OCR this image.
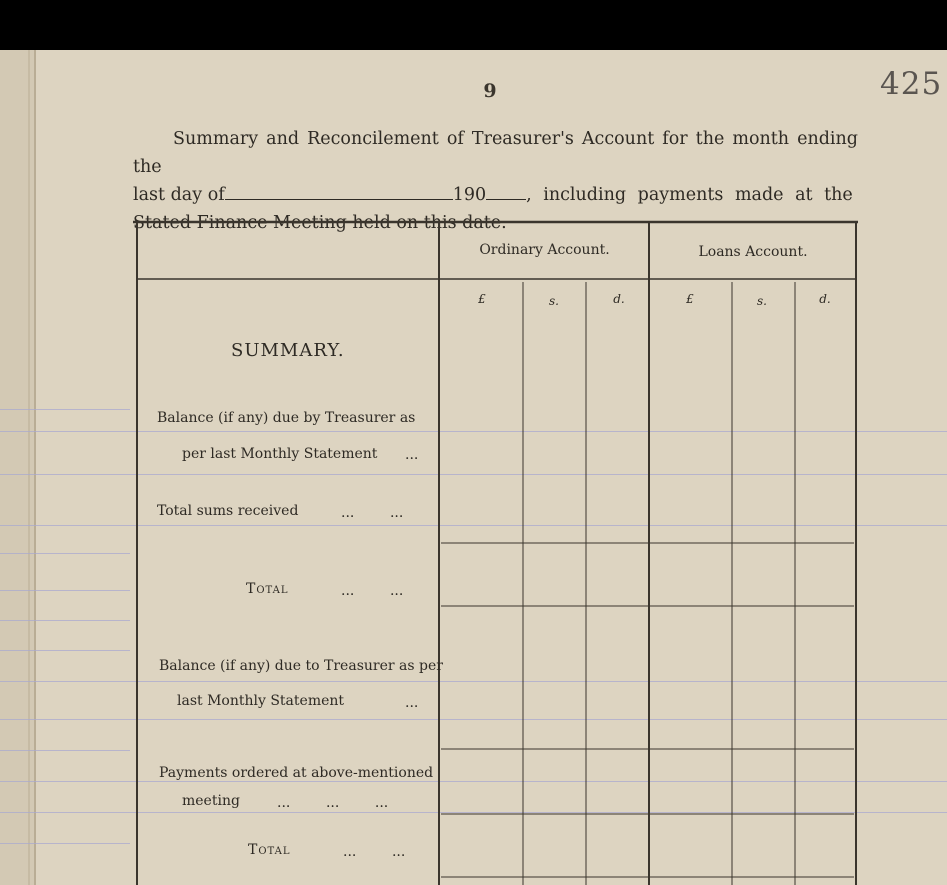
9	425
Summary and Reconcilement of Treasurer's Account for the month ending the
last day of	190 , including payments made at the
Stated Finance Meeting held on this date.
Ordinary Account.	Loans Account.
£	s.	d.	£	s.	d.
SUMMARY.
Balance (if any) due by Treasurer as
per last Monthly Statement ...
Total sums received	...        ...
Total	...        ...
Balance (if any) due to Treasurer as per
last Monthly Statement	...
Payments ordered at above-mentioned
meeting	...        ...        ...
Total	...        ...
